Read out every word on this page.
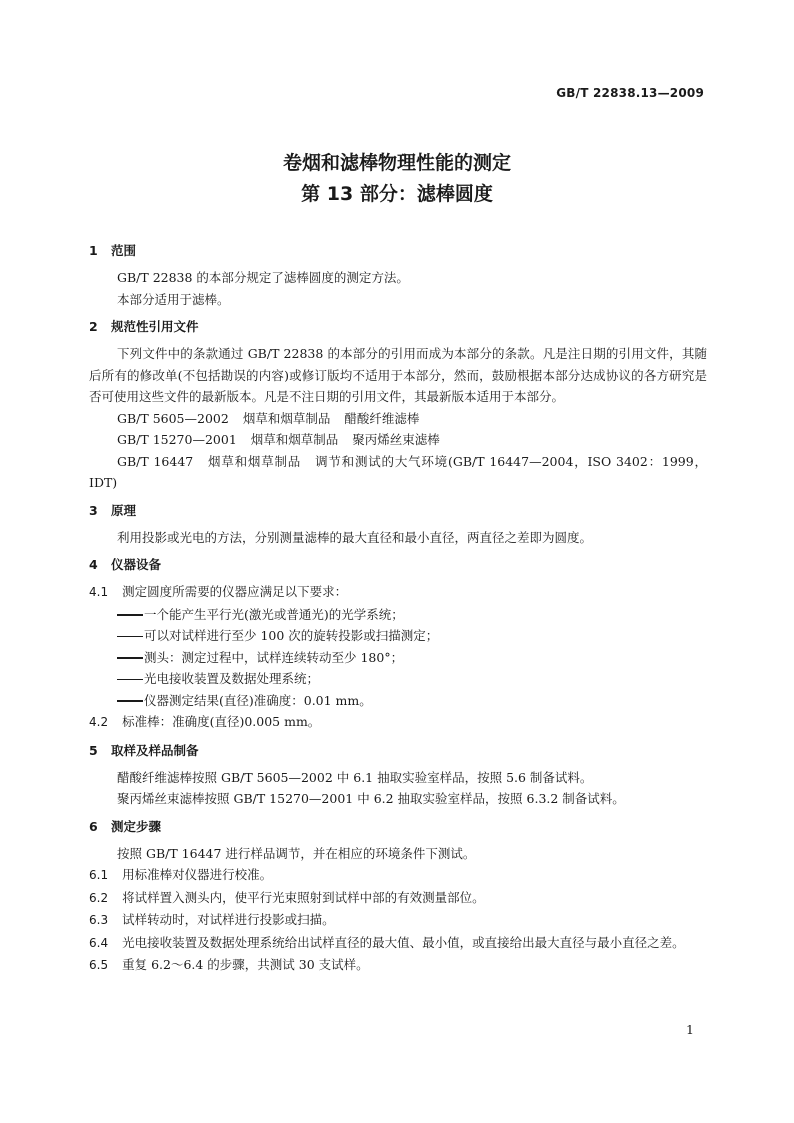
GB/T 22838.13—2009
卷烟和滤棒物理性能的测定
第 13 部分：滤棒圆度
1 范围

GB/T 22838 的本部分规定了滤棒圆度的测定方法。

本部分适用于滤棒。

2 规范性引用文件

下列文件中的条款通过 GB/T 22838 的本部分的引用而成为本部分的条款。凡是注日期的引用文件，其随后所有的修改单(不包括勘误的内容)或修订版均不适用于本部分，然而，鼓励根据本部分达成协议的各方研究是否可使用这些文件的最新版本。凡是不注日期的引用文件，其最新版本适用于本部分。

GB/T 5605—2002 烟草和烟草制品 醋酸纤维滤棒
GB/T 15270—2001 烟草和烟草制品 聚丙烯丝束滤棒
GB/T 16447 烟草和烟草制品 调节和测试的大气环境(GB/T 16447—2004，ISO 3402：1999，IDT)
3 原理

利用投影或光电的方法，分别测量滤棒的最大直径和最小直径，两直径之差即为圆度。

4 仪器设备
4.1 测定圆度所需要的仪器应满足以下要求：
一个能产生平行光(激光或普通光)的光学系统；
可以对试样进行至少 100 次的旋转投影或扫描测定；
测头：测定过程中，试样连续转动至少 180°；
光电接收装置及数据处理系统；
仪器测定结果(直径)准确度：0.01 mm。
4.2 标准棒：准确度(直径)0.005 mm。
5 取样及样品制备

醋酸纤维滤棒按照 GB/T 5605—2002 中 6.1 抽取实验室样品，按照 5.6 制备试料。

聚丙烯丝束滤棒按照 GB/T 15270—2001 中 6.2 抽取实验室样品，按照 6.3.2 制备试料。

6 测定步骤

按照 GB/T 16447 进行样品调节，并在相应的环境条件下测试。

6.1 用标准棒对仪器进行校准。
6.2 将试样置入测头内，使平行光束照射到试样中部的有效测量部位。
6.3 试样转动时，对试样进行投影或扫描。
6.4 光电接收装置及数据处理系统给出试样直径的最大值、最小值，或直接给出最大直径与最小直径之差。
6.5 重复 6.2～6.4 的步骤，共测试 30 支试样。
1
